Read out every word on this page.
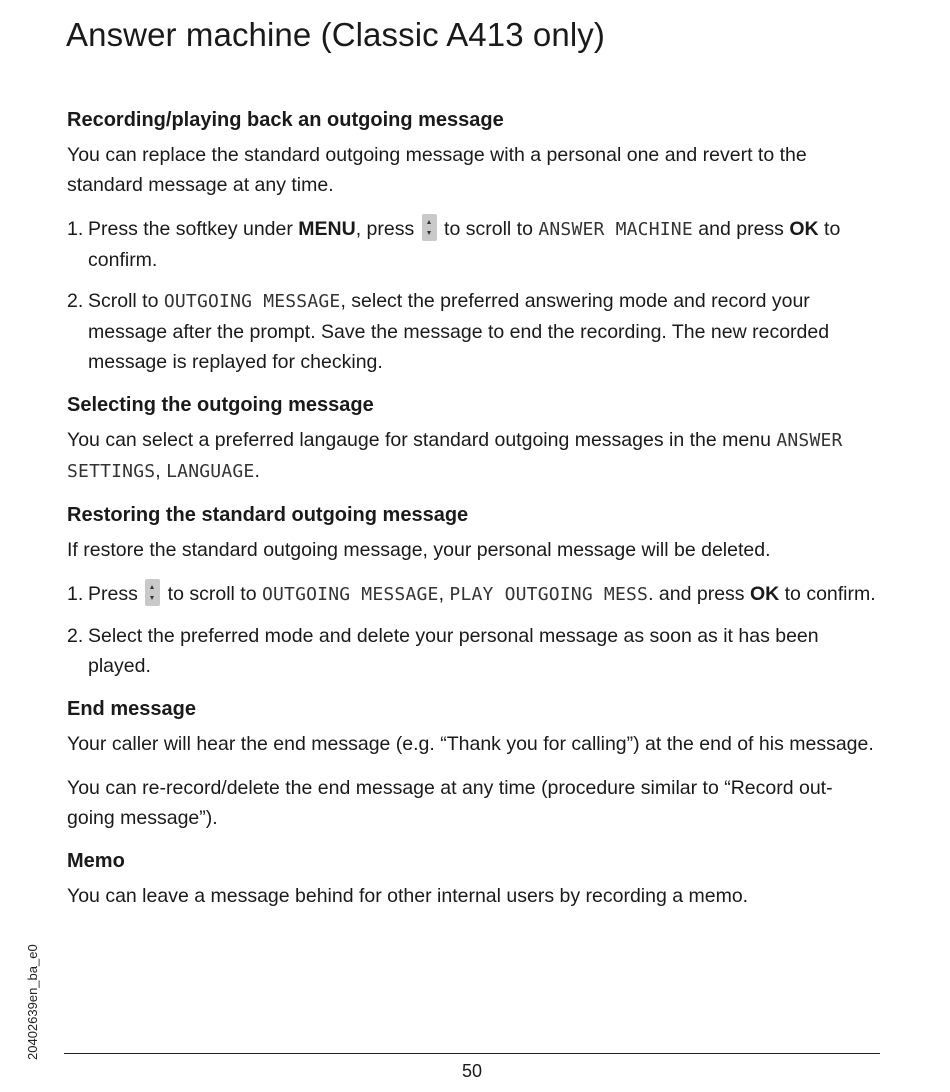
Answer machine (Classic A413 only)
Recording/playing back an outgoing message

You can replace the standard outgoing message with a personal one and revert to the standard message at any time.

1. Press the softkey under MENU, press  to scroll to ANSWER MACHINE and press OK to confirm.
2. Scroll to OUTGOING MESSAGE, select the preferred answering mode and record your message after the prompt. Save the message to end the recording. The new recorded message is replayed for checking.
Selecting the outgoing message

You can select a preferred langauge for standard outgoing messages in the menu ANSWER SETTINGS, LANGUAGE.

Restoring the standard outgoing message

If restore the standard outgoing message, your personal message will be deleted.

1. Press  to scroll to OUTGOING MESSAGE, PLAY OUTGOING MESS. and press OK to confirm.
2. Select the preferred mode and delete your personal message as soon as it has been played.
End message

Your caller will hear the end message (e.g. “Thank you for calling”) at the end of his message.

You can re-record/delete the end message at any time (procedure similar to “Record out-going message”).

Memo

You can leave a message behind for other internal users by recording a memo.

20402639en_ba_e0
50
